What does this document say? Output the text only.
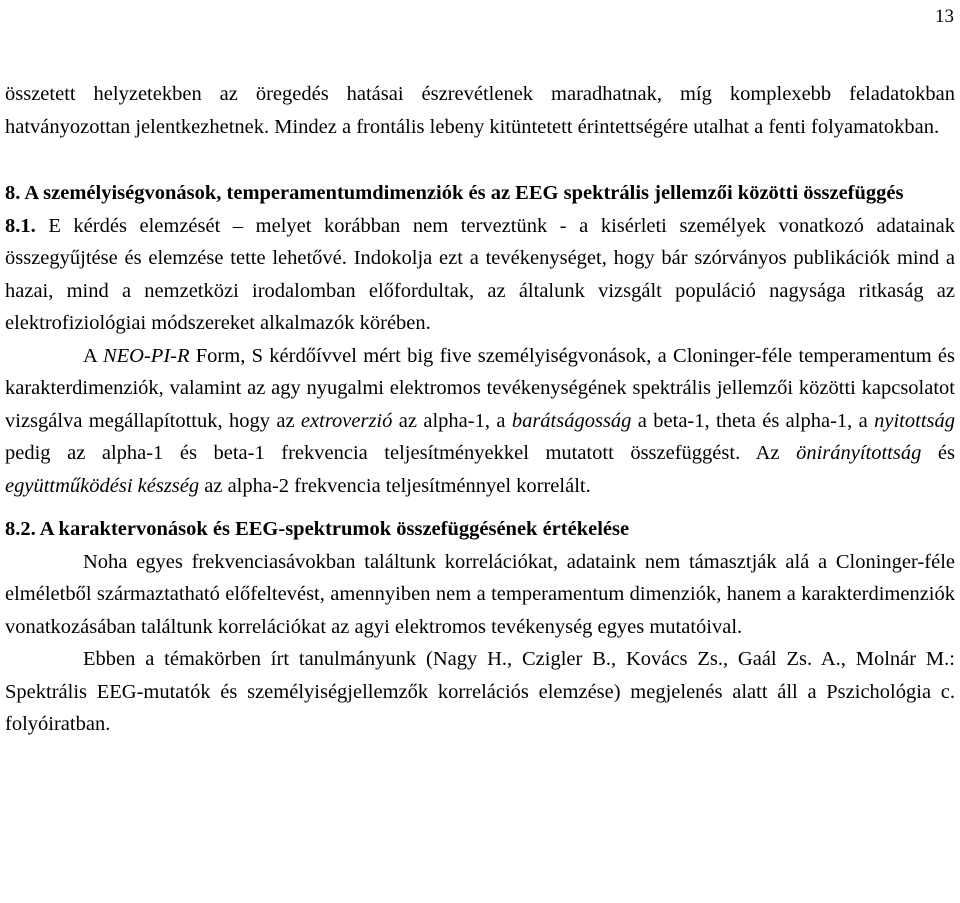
13

összetett helyzetekben az öregedés hatásai észrevétlenek maradhatnak, míg komplexebb feladatokban hatványozottan jelentkezhetnek. Mindez a frontális lebeny kitüntetett érintettségére utalhat a fenti folyamatokban.

8. A személyiségvonások, temperamentumdimenziók és az EEG spektrális jellemzői közötti összefüggés

8.1. E kérdés elemzését – melyet korábban nem terveztünk - a kisérleti személyek vonatkozó adatainak összegyűjtése és elemzése tette lehetővé. Indokolja ezt a tevékenységet, hogy bár szórványos publikációk mind a hazai, mind a nemzetközi irodalomban előfordultak, az általunk vizsgált populáció nagysága ritkaság az elektrofiziológiai módszereket alkalmazók körében.

A NEO-PI-R Form, S kérdőívvel mért big five személyiségvonások, a Cloninger-féle temperamentum és karakterdimenziók, valamint az agy nyugalmi elektromos tevékenységének spektrális jellemzői közötti kapcsolatot vizsgálva megállapítottuk, hogy az extroverzió az alpha-1, a barátságosság a beta-1, theta és alpha-1, a nyitottság pedig az alpha-1 és beta-1 frekvencia teljesítményekkel mutatott összefüggést. Az önirányítottság és együttműködési készség az alpha-2 frekvencia teljesítménnyel korrelált.

8.2. A karaktervonások és EEG-spektrumok összefüggésének értékelése

Noha egyes frekvenciasávokban találtunk korrelációkat, adataink nem támasztják alá a Cloninger-féle elméletből származtatható előfeltevést, amennyiben nem a temperamentum dimenziók, hanem a karakterdimenziók vonatkozásában találtunk korrelációkat az agyi elektromos tevékenység egyes mutatóival.

Ebben a témakörben írt tanulmányunk (Nagy H., Czigler B., Kovács Zs., Gaál Zs. A., Molnár M.: Spektrális EEG-mutatók és személyiségjellemzők korrelációs elemzése) megjelenés alatt áll a Pszichológia c. folyóiratban.
